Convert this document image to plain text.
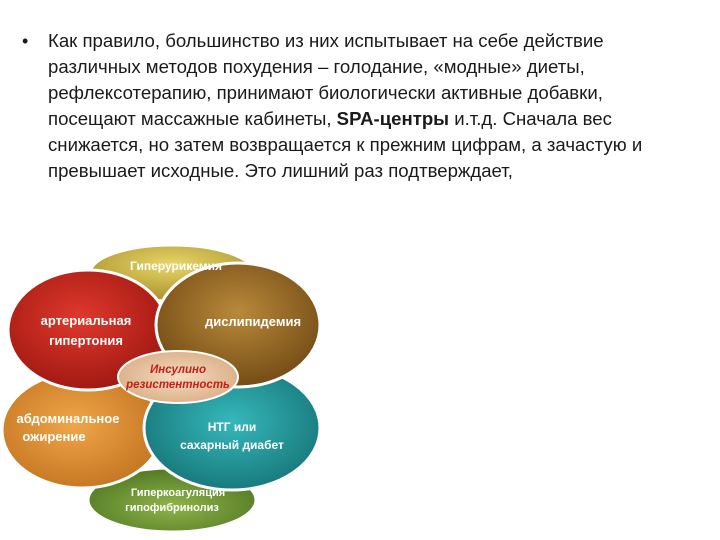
• Как правило, большинство из них испытывает на себе действие различных методов похудения – голодание, «модные» диеты, рефлексотерапию, принимают биологически активные добавки, посещают массажные кабинеты, SPA-центры и.т.д. Сначала вес снижается, но затем возвращается к прежним цифрам, а зачастую и превышает исходные. Это лишний раз подтверждает,
Гиперурикемия
артериальная
гипертония
дислипидемия
Инсулино
резистентность
абдоминальное
ожирение
НТГ или
сахарный диабет
Гиперкоагуляция
гипофибринолиз
